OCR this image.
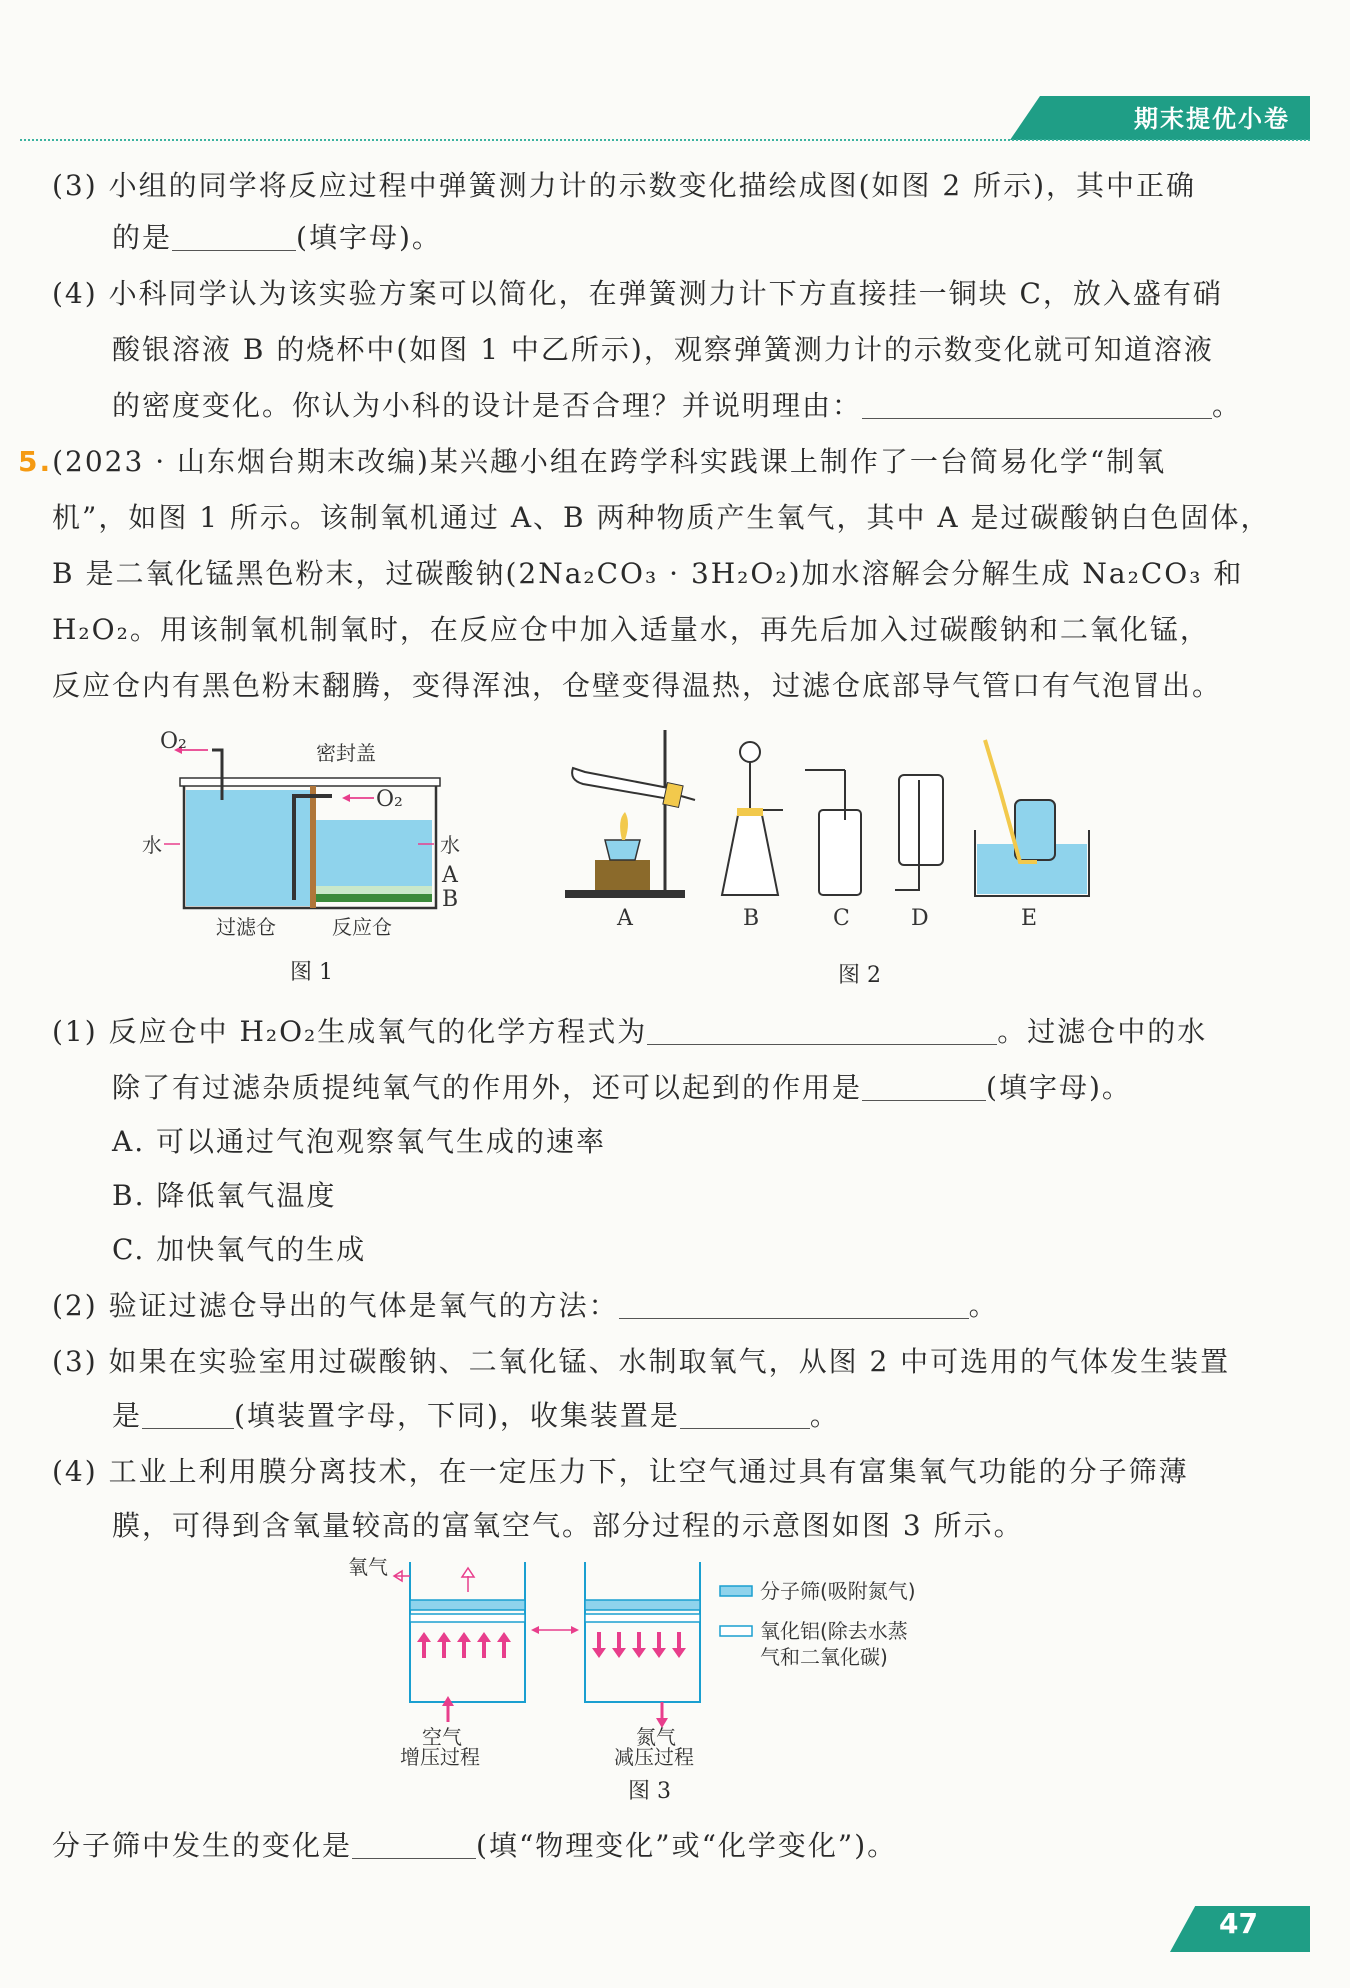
期末提优小卷
(3) 小组的同学将反应过程中弹簧测力计的示数变化描绘成图(如图 2 所示)，其中正确
的是	(填字母)。
(4) 小科同学认为该实验方案可以简化，在弹簧测力计下方直接挂一铜块 C，放入盛有硝
酸银溶液 B 的烧杯中(如图 1 中乙所示)，观察弹簧测力计的示数变化就可知道溶液
的密度变化。你认为小科的设计是否合理？并说明理由：	。
5.(2023 · 山东烟台期末改编)某兴趣小组在跨学科实践课上制作了一台简易化学“制氧
机”，如图 1 所示。该制氧机通过 A、B 两种物质产生氧气，其中 A 是过碳酸钠白色固体，
B 是二氧化锰黑色粉末，过碳酸钠(2Na₂CO₃ · 3H₂O₂)加水溶解会分解生成 Na₂CO₃ 和
H₂O₂。用该制氧机制氧时，在反应仓中加入适量水，再先后加入过碳酸钠和二氧化锰，
反应仓内有黑色粉末翻腾，变得浑浊，仓壁变得温热，过滤仓底部导气管口有气泡冒出。
O₂	密封盖
O₂
水	水
A
B
过滤仓	反应仓
图 1
A	B	C	D	E
图 2
(1) 反应仓中 H₂O₂生成氧气的化学方程式为	。过滤仓中的水
除了有过滤杂质提纯氧气的作用外，还可以起到的作用是	(填字母)。
A. 可以通过气泡观察氧气生成的速率
B. 降低氧气温度
C. 加快氧气的生成
(2) 验证过滤仓导出的气体是氧气的方法：	。
(3) 如果在实验室用过碳酸钠、二氧化锰、水制取氧气，从图 2 中可选用的气体发生装置
是	(填装置字母，下同)，收集装置是	。
(4) 工业上利用膜分离技术，在一定压力下，让空气通过具有富集氧气功能的分子筛薄
膜，可得到含氧量较高的富氧空气。部分过程的示意图如图 3 所示。
氧气
空气
增压过程
氮气
减压过程
分子筛(吸附氮气)
氧化铝(除去水蒸
气和二氧化碳)
图 3
分子筛中发生的变化是	(填“物理变化”或“化学变化”)。
47
